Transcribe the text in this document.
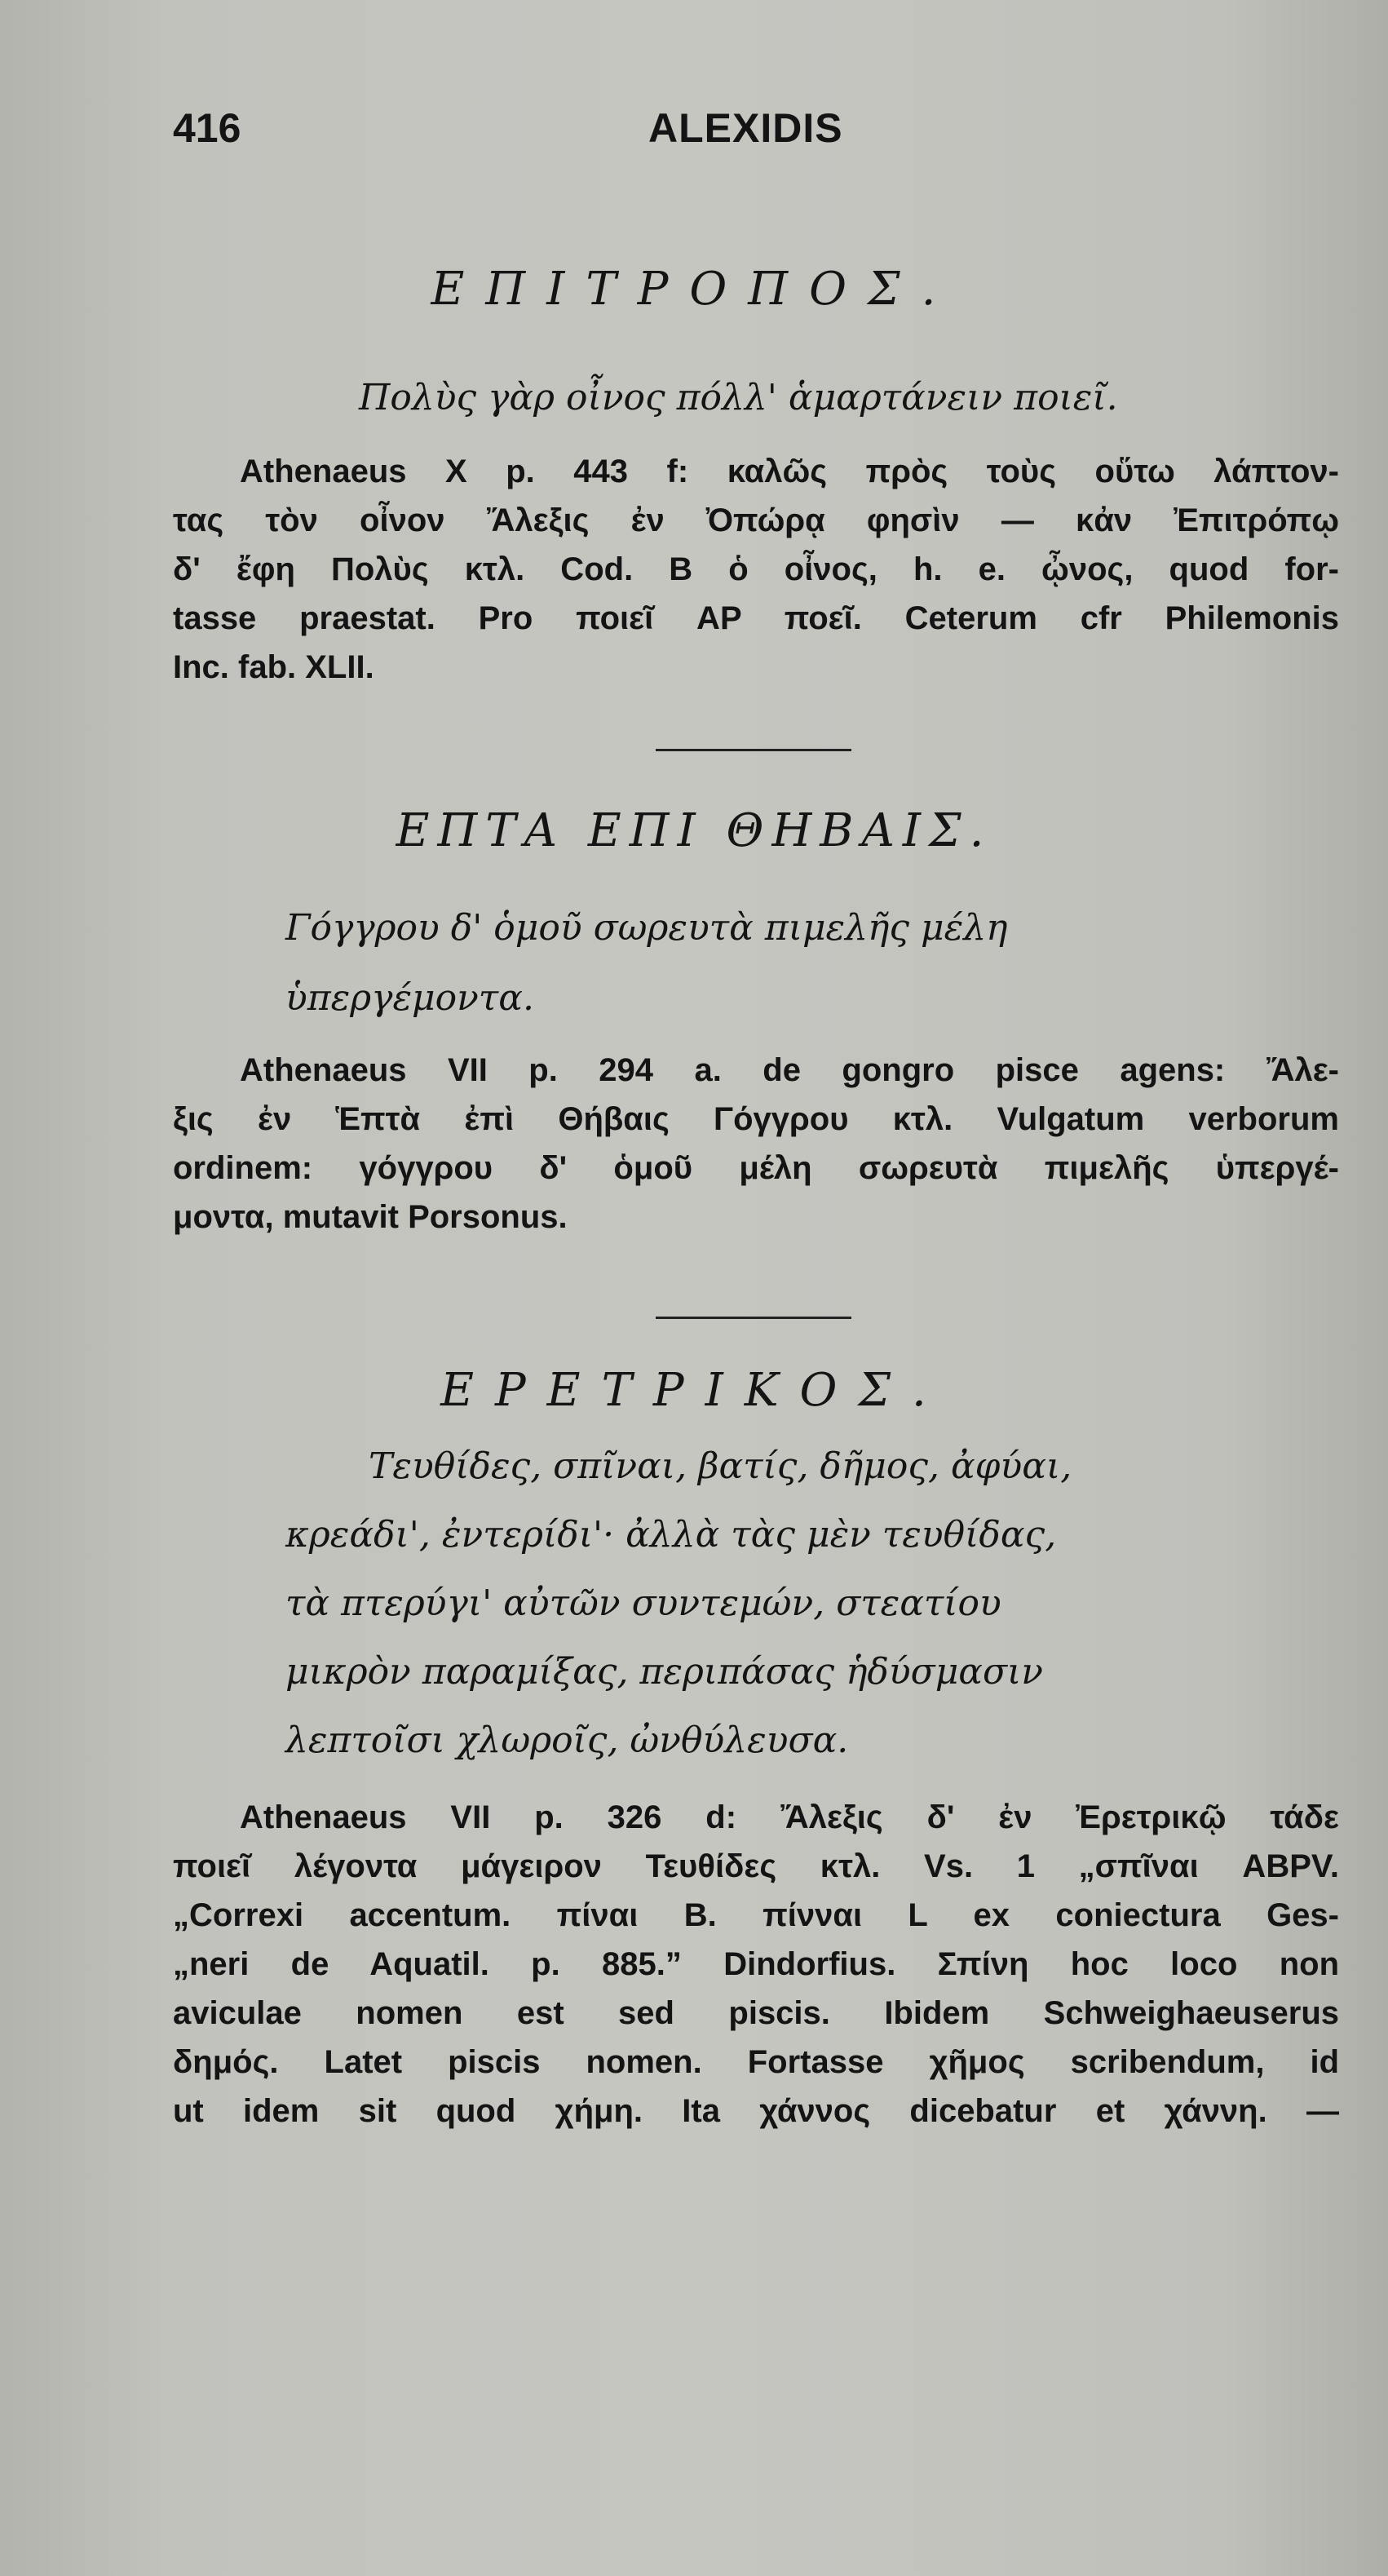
416	ALEXIDIS
ΕΠΙΤΡΟΠΟΣ.
Πολὺς γὰρ οἶνος πόλλ' ἁμαρτάνειν ποιεῖ.
Athenaeus X p. 443 f: καλῶς πρὸς τοὺς οὕτω λάπτον-
τας τὸν οἶνον Ἄλεξις ἐν Ὀπώρᾳ φησὶν — κἀν Ἐπιτρόπῳ
δ' ἔφη Πολὺς κτλ. Cod. B ὁ οἶνος, h. e. ᾦνος, quod for-
tasse praestat. Pro ποιεῖ AP ποεῖ. Ceterum cfr Philemonis
Inc. fab. XLII.
ΕΠΤΑ ΕΠΙ ΘΗΒΑΙΣ.
Γόγγρου δ' ὁμοῦ σωρευτὰ πιμελῆς μέλη
ὑπεργέμοντα.
Athenaeus VII p. 294 a. de gongro pisce agens: Ἄλε-
ξις ἐν Ἑπτὰ ἐπὶ Θήβαις Γόγγρου κτλ. Vulgatum verborum
ordinem: γόγγρου δ' ὁμοῦ μέλη σωρευτὰ πιμελῆς ὑπεργέ-
μοντα, mutavit Porsonus.
ΕΡΕΤΡΙΚΟΣ.
Τευθίδες, σπῖναι, βατίς, δῆμος, ἀφύαι,
κρεάδι', ἐντερίδι'· ἀλλὰ τὰς μὲν τευθίδας,
τὰ πτερύγι' αὐτῶν συντεμών, στεατίου
μικρὸν παραμίξας, περιπάσας ἡδύσμασιν
λεπτοῖσι χλωροῖς, ὠνθύλευσα.
Athenaeus VII p. 326 d: Ἄλεξις δ' ἐν Ἐρετρικῷ τάδε
ποιεῖ λέγοντα μάγειρον Τευθίδες κτλ. Vs. 1 „σπῖναι ABPV.
„Correxi accentum. πίναι B. πίνναι L ex coniectura Ges-
„neri de Aquatil. p. 885.” Dindorfius. Σπίνη hoc loco non
aviculae nomen est sed piscis. Ibidem Schweighaeuserus
δημός. Latet piscis nomen. Fortasse χῆμος scribendum, id
ut idem sit quod χήμη. Ita χάννος dicebatur et χάννη. —
